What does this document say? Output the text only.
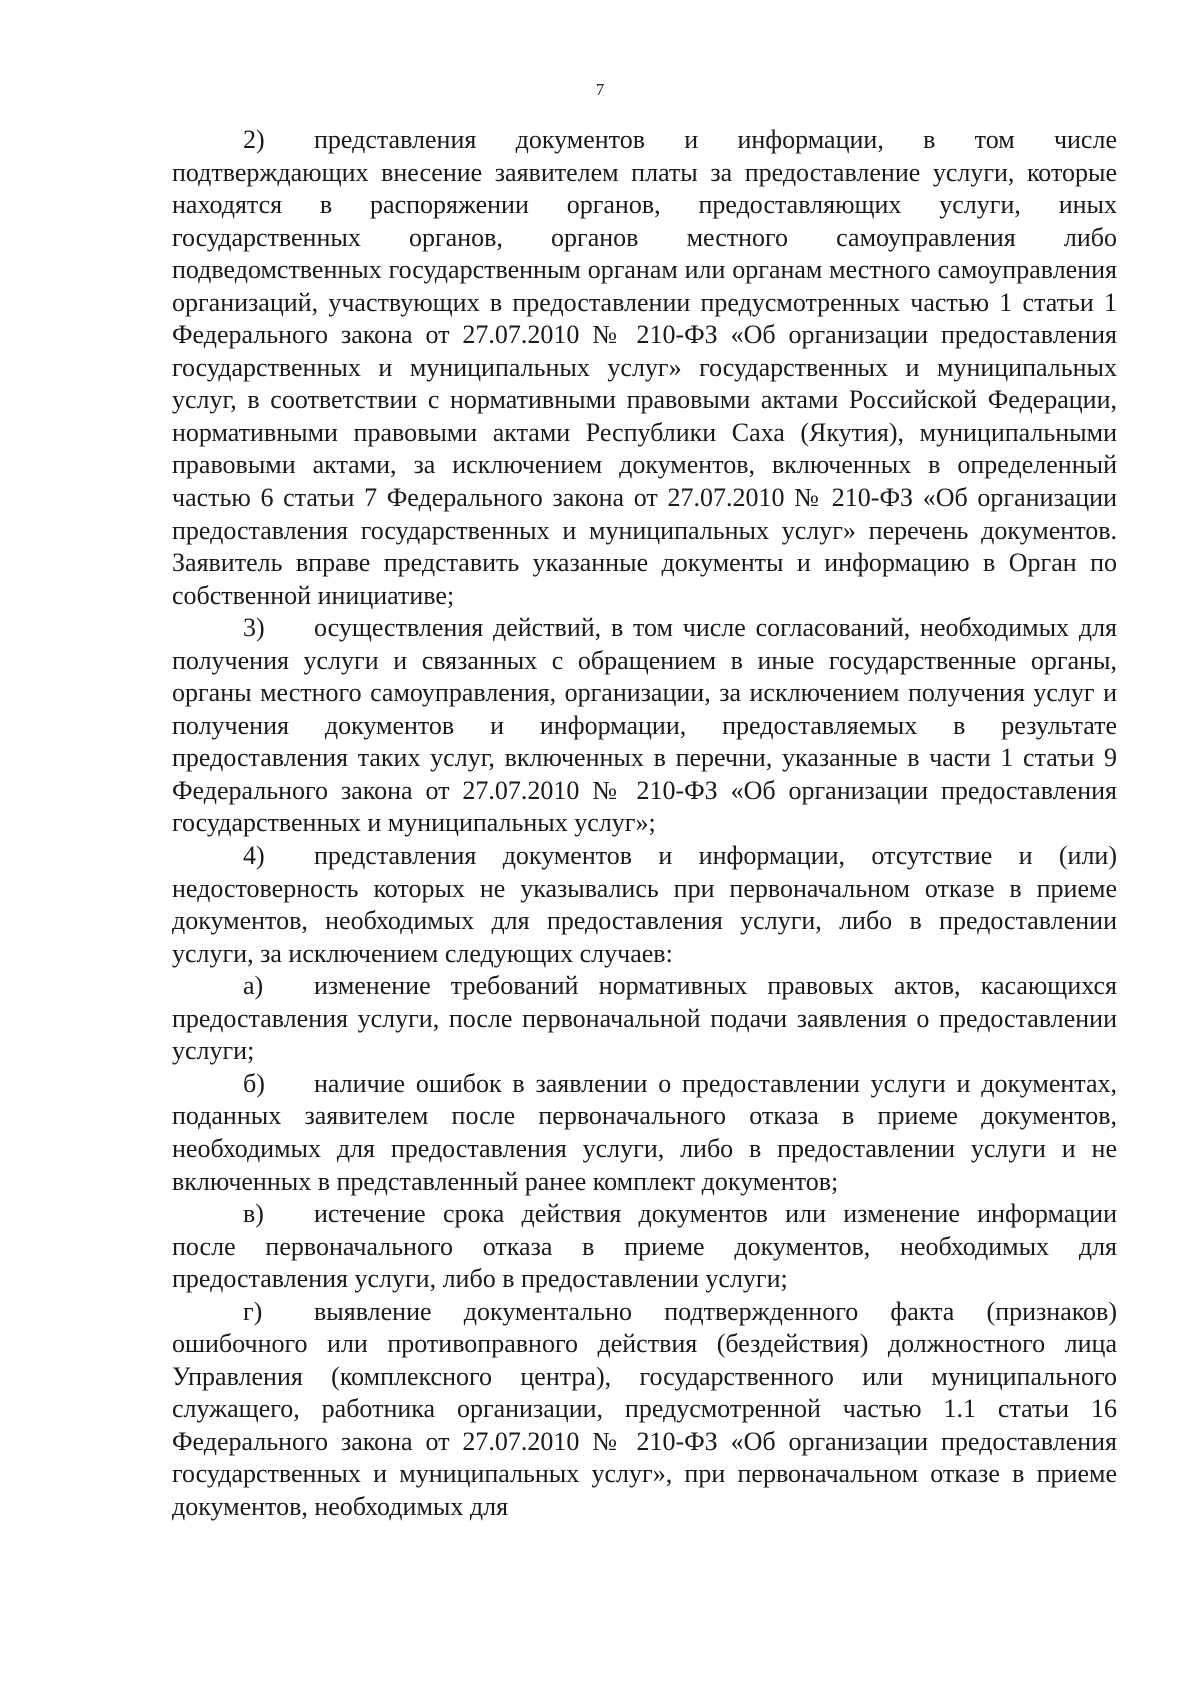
7

2) представления документов и информации, в том числе подтверждающих внесение заявителем платы за предоставление услуги, которые находятся в распоряжении органов, предоставляющих услуги, иных государственных органов, органов местного самоуправления либо подведомственных государственным органам или органам местного самоуправления организаций, участвующих в предоставлении предусмотренных частью 1 статьи 1 Федерального закона от 27.07.2010 № 210-ФЗ «Об организации предоставления государственных и муниципальных услуг» государственных и муниципальных услуг, в соответствии с нормативными правовыми актами Российской Федерации, нормативными правовыми актами Республики Саха (Якутия), муниципальными правовыми актами, за исключением документов, включенных в определенный частью 6 статьи 7 Федерального закона от 27.07.2010 № 210-ФЗ «Об организации предоставления государственных и муниципальных услуг» перечень документов. Заявитель вправе представить указанные документы и информацию в Орган по собственной инициативе;

3) осуществления действий, в том числе согласований, необходимых для получения услуги и связанных с обращением в иные государственные органы, органы местного самоуправления, организации, за исключением получения услуг и получения документов и информации, предоставляемых в результате предоставления таких услуг, включенных в перечни, указанные в части 1 статьи 9 Федерального закона от 27.07.2010 № 210-ФЗ «Об организации предоставления государственных и муниципальных услуг»;

4) представления документов и информации, отсутствие и (или) недостоверность которых не указывались при первоначальном отказе в приеме документов, необходимых для предоставления услуги, либо в предоставлении услуги, за исключением следующих случаев:

а) изменение требований нормативных правовых актов, касающихся предоставления услуги, после первоначальной подачи заявления о предоставлении услуги;

б) наличие ошибок в заявлении о предоставлении услуги и документах, поданных заявителем после первоначального отказа в приеме документов, необходимых для предоставления услуги, либо в предоставлении услуги и не включенных в представленный ранее комплект документов;

в) истечение срока действия документов или изменение информации после первоначального отказа в приеме документов, необходимых для предоставления услуги, либо в предоставлении услуги;

г) выявление документально подтвержденного факта (признаков) ошибочного или противоправного действия (бездействия) должностного лица Управления (комплексного центра), государственного или муниципального служащего, работника организации, предусмотренной частью 1.1 статьи 16 Федерального закона от 27.07.2010 № 210-ФЗ «Об организации предоставления государственных и муниципальных услуг», при первоначальном отказе в приеме документов, необходимых для
